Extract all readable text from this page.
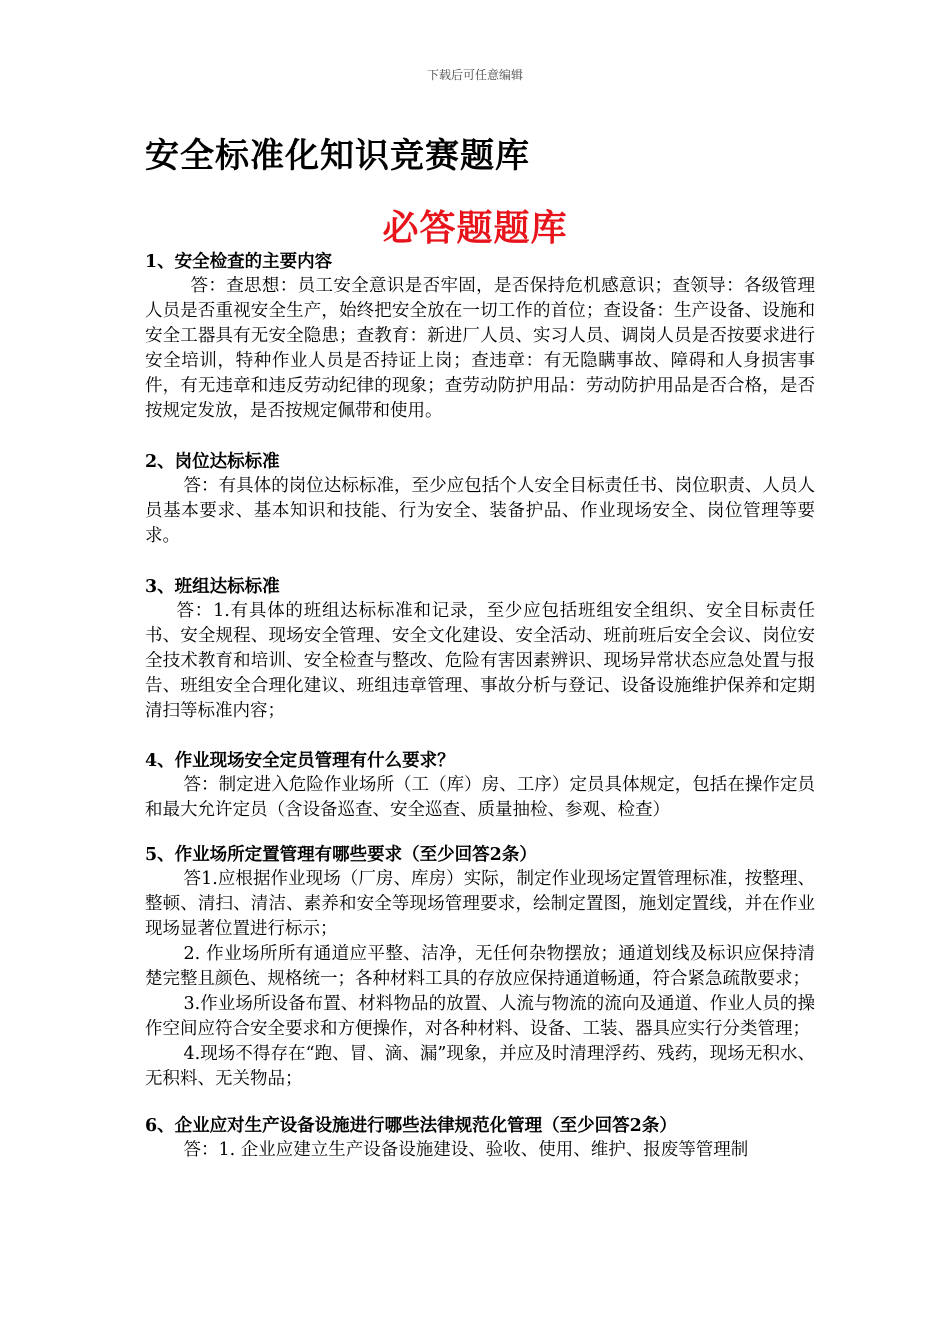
下载后可任意编辑
安全标准化知识竞赛题库
必答题题库

1、安全检查的主要内容

答：查思想：员工安全意识是否牢固，是否保持危机感意识；查领导：各级管理人员是否重视安全生产，始终把安全放在一切工作的首位；查设备：生产设备、设施和安全工器具有无安全隐患；查教育：新进厂人员、实习人员、调岗人员是否按要求进行安全培训，特种作业人员是否持证上岗；查违章：有无隐瞒事故、障碍和人身损害事件，有无违章和违反劳动纪律的现象；查劳动防护用品：劳动防护用品是否合格，是否按规定发放，是否按规定佩带和使用。

2、岗位达标标准

答：有具体的岗位达标标准，至少应包括个人安全目标责任书、岗位职责、人员人员基本要求、基本知识和技能、行为安全、装备护品、作业现场安全、岗位管理等要求。

3、班组达标标准

答：1.有具体的班组达标标准和记录，至少应包括班组安全组织、安全目标责任书、安全规程、现场安全管理、安全文化建设、安全活动、班前班后安全会议、岗位安全技术教育和培训、安全检查与整改、危险有害因素辨识、现场异常状态应急处置与报告、班组安全合理化建议、班组违章管理、事故分析与登记、设备设施维护保养和定期清扫等标准内容；

4、作业现场安全定员管理有什么要求？

答：制定进入危险作业场所（工（库）房、工序）定员具体规定，包括在操作定员和最大允许定员（含设备巡查、安全巡查、质量抽检、参观、检查）

5、作业场所定置管理有哪些要求（至少回答2条）

答1.应根据作业现场（厂房、库房）实际，制定作业现场定置管理标准，按整理、整顿、清扫、清洁、素养和安全等现场管理要求，绘制定置图，施划定置线，并在作业现场显著位置进行标示；

2. 作业场所所有通道应平整、洁净，无任何杂物摆放；通道划线及标识应保持清楚完整且颜色、规格统一；各种材料工具的存放应保持通道畅通，符合紧急疏散要求；

3.作业场所设备布置、材料物品的放置、人流与物流的流向及通道、作业人员的操作空间应符合安全要求和方便操作，对各种材料、设备、工装、器具应实行分类管理；

4.现场不得存在“跑、冒、滴、漏”现象，并应及时清理浮药、残药，现场无积水、无积料、无关物品；

6、企业应对生产设备设施进行哪些法律规范化管理（至少回答2条）

答：1. 企业应建立生产设备设施建设、验收、使用、维护、报废等管理制
